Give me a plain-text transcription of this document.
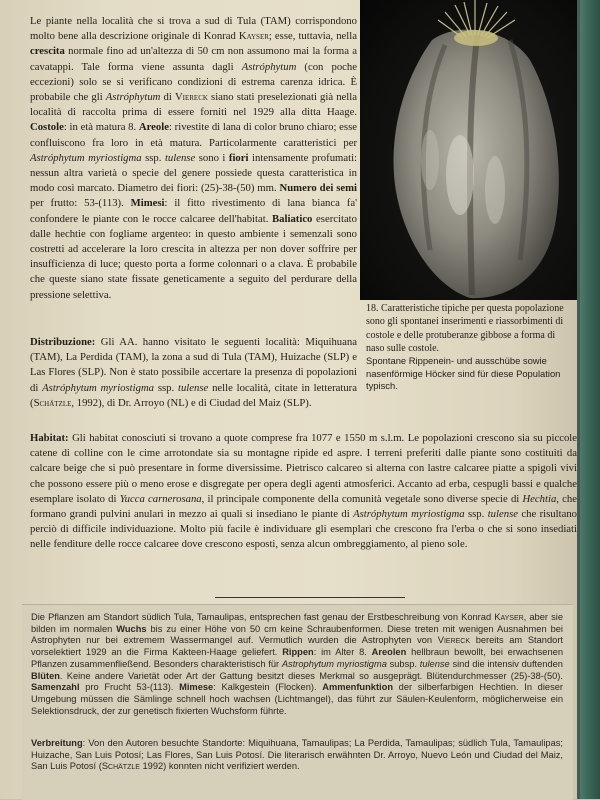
Le piante nella località che si trova a sud di Tula (TAM) corrispondono molto bene alla descrizione originale di Konrad Kayser; esse, tuttavia, nella crescita normale fino ad un'altezza di 50 cm non assumono mai la forma a cavatappi. Tale forma viene assunta dagli Astróphytum (con poche eccezioni) solo se si verificano condizioni di estrema carenza idrica. È probabile che gli Astróphytum di Viereck siano stati preselezionati già nella località di raccolta prima di essere forniti nel 1929 alla ditta Haage. Costole: in età matura 8. Areole: rivestite di lana di color bruno chiaro; esse confluiscono fra loro in età matura. Particolarmente caratteristici per Astróphytum myriostigma ssp. tulense sono i fiori intensamente profumati: nessun altra varietà o specie del genere possiede questa caratteristica in modo così marcato. Diametro dei fiori: (25)-38-(50) mm. Numero dei semi per frutto: 53-(113). Mimesi: il fitto rivestimento di lana bianca fa' confondere le piante con le rocce calcaree dell'habitat. Baliatico esercitato dalle hechtie con fogliame argenteo: in questo ambiente i semenzali sono costretti ad accelerare la loro crescita in altezza per non dover soffrire per insufficienza di luce; questo porta a forme colonnari o a clava. È probabile che queste siano state fissate geneticamente a seguito del perdurare della pressione selettiva.
18. Caratteristiche tipiche per questa popolazione sono gli spontanei inserimenti e riassorbimenti di costole e delle protuberanze gibbose a forma di naso sulle costole.
Spontane Rippenein- und ausschübe sowie nasenförmige Höcker sind für diese Population typisch.
Distribuzione: Gli AA. hanno visitato le seguenti località: Miquihuana (TAM), La Perdida (TAM), la zona a sud di Tula (TAM), Huizache (SLP) e Las Flores (SLP). Non è stato possibile accertare la presenza di popolazioni di Astróphytum myriostigma ssp. tulense nelle località, citate in letteratura (Schätzle, 1992), di Dr. Arroyo (NL) e di Ciudad del Maiz (SLP).
Habitat: Gli habitat conosciuti si trovano a quote comprese fra 1077 e 1550 m s.l.m. Le popolazioni crescono sia su piccole catene di colline con le cime arrotondate sia su montagne ripide ed aspre. I terreni preferiti dalle piante sono costituiti da calcare beige che si può presentare in forme diversissime. Pietrisco calcareo si alterna con lastre calcaree piatte a spigoli vivi che possono essere più o meno erose e disgregate per opera degli agenti atmosferici. Accanto ad erba, cespugli bassi e qualche esemplare isolato di Yucca carnerosana, il principale componente della comunità vegetale sono diverse specie di Hechtia, che formano grandi pulvini anulari in mezzo ai quali si insediano le piante di Astróphytum myriostigma ssp. tulense che risultano perciò di difficile individuazione. Molto più facile è individuare gli esemplari che crescono fra l'erba o che si sono insediati nelle fenditure delle rocce calcaree dove crescono esposti, senza alcun ombreggiamento, al pieno sole.
Die Pflanzen am Standort südlich Tula, Tamaulipas, entsprechen fast genau der Erstbeschreibung von Konrad Kayser, aber sie bilden im normalen Wuchs bis zu einer Höhe von 50 cm keine Schraubenformen. Diese treten mit wenigen Ausnahmen bei Astrophyten nur bei extremem Wassermangel auf. Vermutlich wurden die Astrophyten von Viereck bereits am Standort vorselektiert 1929 an die Firma Kakteen-Haage geliefert. Rippen: im Alter 8. Areolen hellbraun bewollt, bei erwachsenen Pflanzen zusammenfließend. Besonders charakteristisch für Astrophytum myriostigma subsp. tulense sind die intensiv duftenden Blüten. Keine andere Varietät oder Art der Gattung besitzt dieses Merkmal so ausgeprägt. Blütendurchmesser (25)-38-(50). Samenzahl pro Frucht 53-(113). Mimese: Kalkgestein (Flocken). Ammenfunktion der silberfarbigen Hechtien. In dieser Umgebung müssen die Sämlinge schnell hoch wachsen (Lichtmangel), das führt zur Säulen-Keulenform, möglicherweise ein Selektionsdruck, der zur genetisch fixierten Wuchsform führte.
Verbreitung: Von den Autoren besuchte Standorte: Miquihuana, Tamaulipas; La Perdida, Tamaulipas; südlich Tula, Tamaulipas; Huizache, San Luis Potosí; Las Flores, San Luis Potosí. Die literarisch erwähnten Dr. Arroyo, Nuevo León und Ciudad del Maiz, San Luis Potosí (Schätzle 1992) konnten nicht verifiziert werden.
